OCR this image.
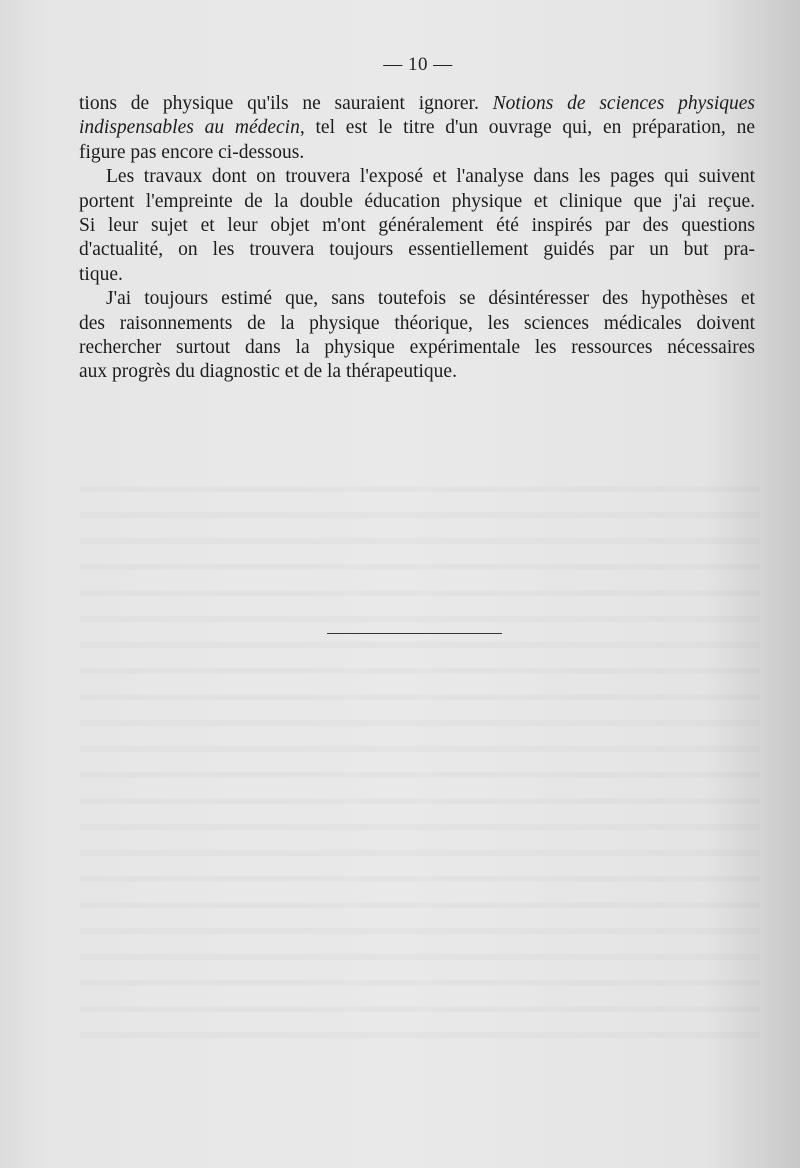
— 10 —

tions de physique qu'ils ne sauraient ignorer. Notions de sciences physiques
indispensables au médecin, tel est le titre d'un ouvrage qui, en préparation, ne
figure pas encore ci-dessous.

Les travaux dont on trouvera l'exposé et l'analyse dans les pages qui suivent
portent l'empreinte de la double éducation physique et clinique que j'ai reçue.
Si leur sujet et leur objet m'ont généralement été inspirés par des questions
d'actualité, on les trouvera toujours essentiellement guidés par un but pra-
tique.

J'ai toujours estimé que, sans toutefois se désintéresser des hypothèses et
des raisonnements de la physique théorique, les sciences médicales doivent
rechercher surtout dans la physique expérimentale les ressources nécessaires
aux progrès du diagnostic et de la thérapeutique.
